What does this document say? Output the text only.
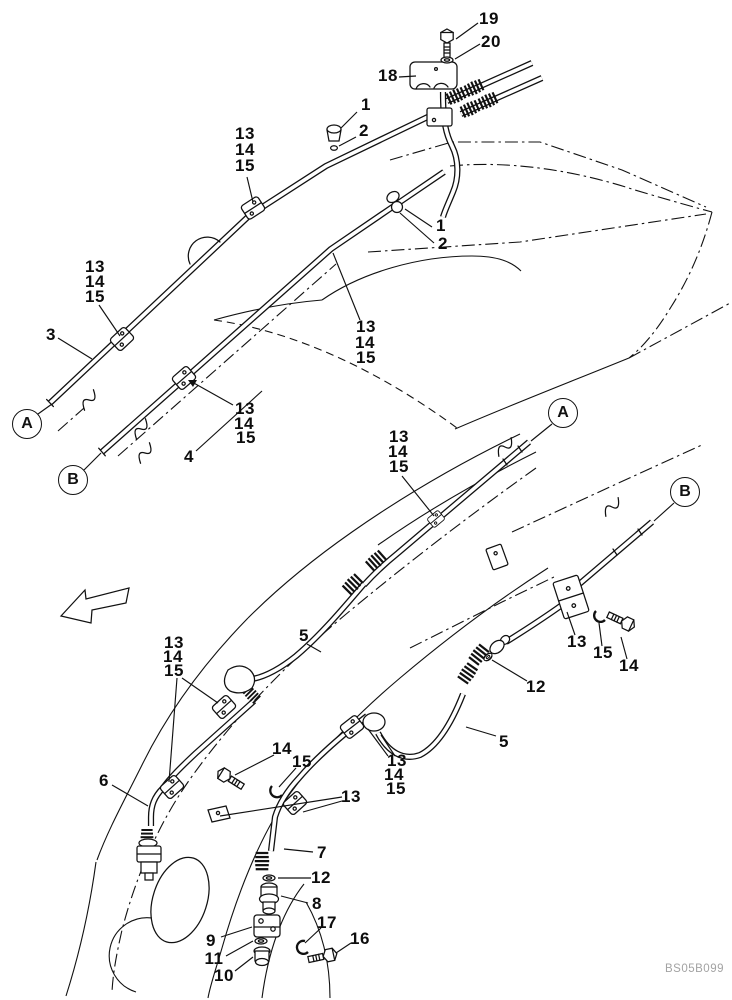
19
20
18
1
2
13
14
15
1
2
13
14
15
13
14
15
3
13
14
15
4
13
14
15
13
15
14
12
5
5
13
14
15
6
14
15
13
13
14
15
7
12
8
17
16
9
11
10
A
B
A
B
BS05B099
